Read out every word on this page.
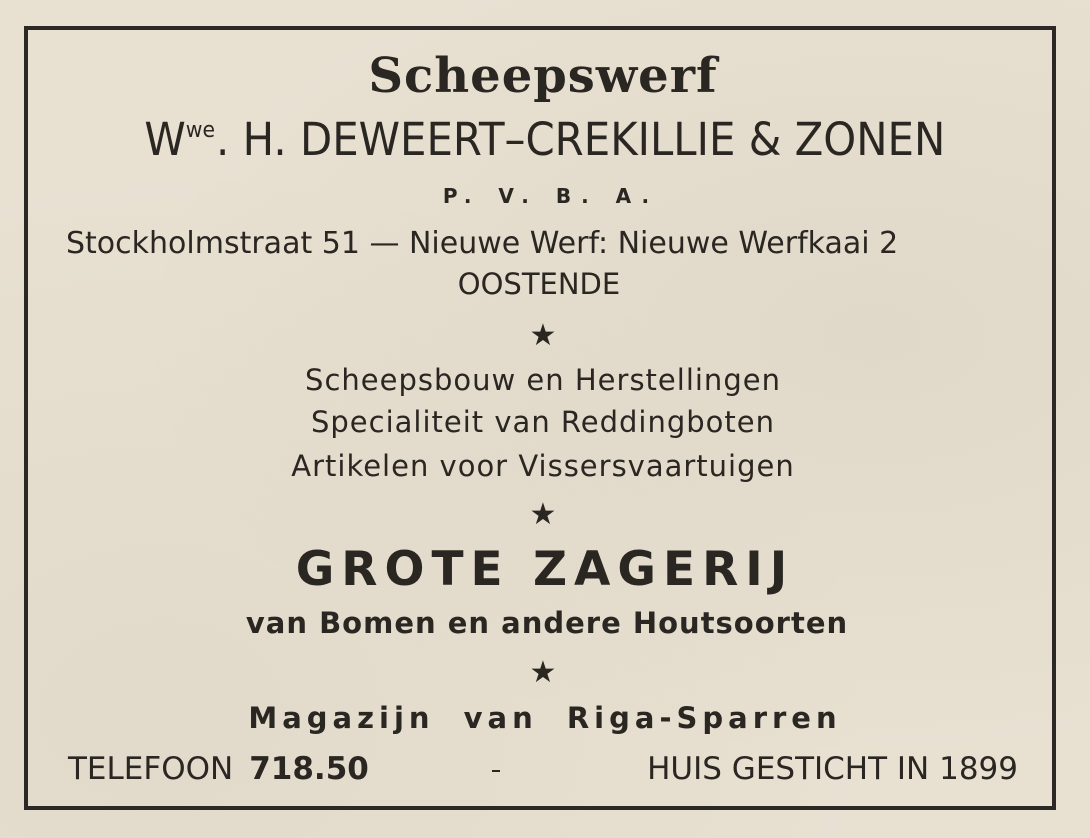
Scheepswerf
$W^{we}$. H. DEWEERT–CREKILLIE & ZONEN
P. V. B. A.
Stockholmstraat 51 — Nieuwe Werf: Nieuwe Werfkaai 2
OOSTENDE
★
Scheepsbouw en Herstellingen
Specialiteit van Reddingboten
Artikelen voor Vissersvaartuigen
★
GROTE ZAGERIJ
van Bomen en andere Houtsoorten
★
Magazijn van Riga-Sparren
TELEFOON 718.50	HUIS GESTICHT IN 1899
